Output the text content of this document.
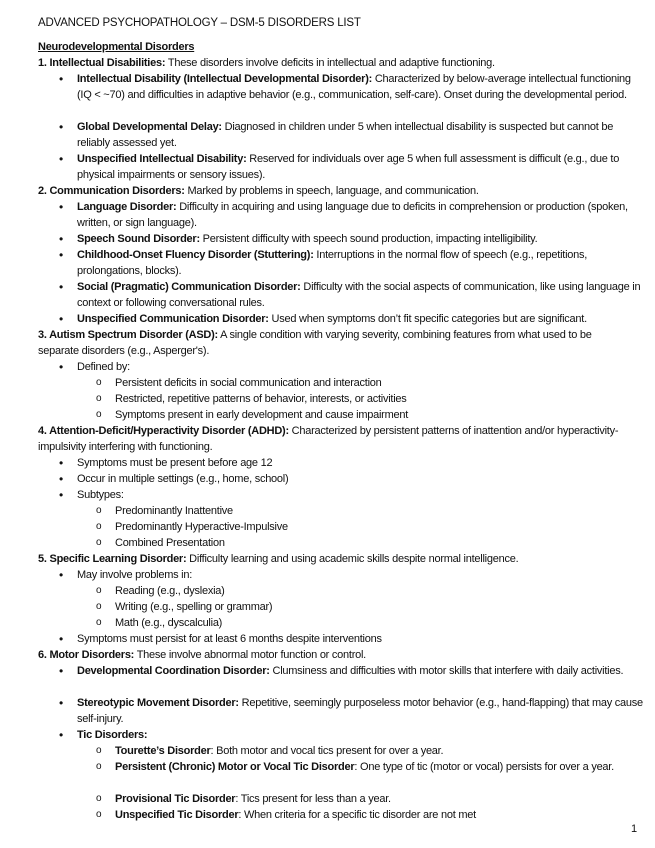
ADVANCED PSYCHOPATHOLOGY – DSM-5 DISORDERS LIST
Neurodevelopmental Disorders
1. Intellectual Disabilities: These disorders involve deficits in intellectual and adaptive functioning.
• Intellectual Disability (Intellectual Developmental Disorder): Characterized by below-average intellectual functioning (IQ < ~70) and difficulties in adaptive behavior (e.g., communication, self-care). Onset during the developmental period.
• Global Developmental Delay: Diagnosed in children under 5 when intellectual disability is suspected but cannot be reliably assessed yet.
• Unspecified Intellectual Disability: Reserved for individuals over age 5 when full assessment is difficult (e.g., due to physical impairments or sensory issues).
2. Communication Disorders: Marked by problems in speech, language, and communication.
• Language Disorder: Difficulty in acquiring and using language due to deficits in comprehension or production (spoken, written, or sign language).
• Speech Sound Disorder: Persistent difficulty with speech sound production, impacting intelligibility.
• Childhood-Onset Fluency Disorder (Stuttering): Interruptions in the normal flow of speech (e.g., repetitions, prolongations, blocks).
• Social (Pragmatic) Communication Disorder: Difficulty with the social aspects of communication, like using language in context or following conversational rules.
• Unspecified Communication Disorder: Used when symptoms don’t fit specific categories but are significant.
3. Autism Spectrum Disorder (ASD): A single condition with varying severity, combining features from what used to be separate disorders (e.g., Asperger's).
• Defined by:
o Persistent deficits in social communication and interaction
o Restricted, repetitive patterns of behavior, interests, or activities
o Symptoms present in early development and cause impairment
4. Attention-Deficit/Hyperactivity Disorder (ADHD): Characterized by persistent patterns of inattention and/or hyperactivity-impulsivity interfering with functioning.
• Symptoms must be present before age 12
• Occur in multiple settings (e.g., home, school)
• Subtypes:
o Predominantly Inattentive
o Predominantly Hyperactive-Impulsive
o Combined Presentation
5. Specific Learning Disorder: Difficulty learning and using academic skills despite normal intelligence.
• May involve problems in:
o Reading (e.g., dyslexia)
o Writing (e.g., spelling or grammar)
o Math (e.g., dyscalculia)
• Symptoms must persist for at least 6 months despite interventions
6. Motor Disorders: These involve abnormal motor function or control.
• Developmental Coordination Disorder: Clumsiness and difficulties with motor skills that interfere with daily activities.
• Stereotypic Movement Disorder: Repetitive, seemingly purposeless motor behavior (e.g., hand-flapping) that may cause self-injury.
• Tic Disorders:
o Tourette’s Disorder: Both motor and vocal tics present for over a year.
o Persistent (Chronic) Motor or Vocal Tic Disorder: One type of tic (motor or vocal) persists for over a year.
o Provisional Tic Disorder: Tics present for less than a year.
o Unspecified Tic Disorder: When criteria for a specific tic disorder are not met
1
